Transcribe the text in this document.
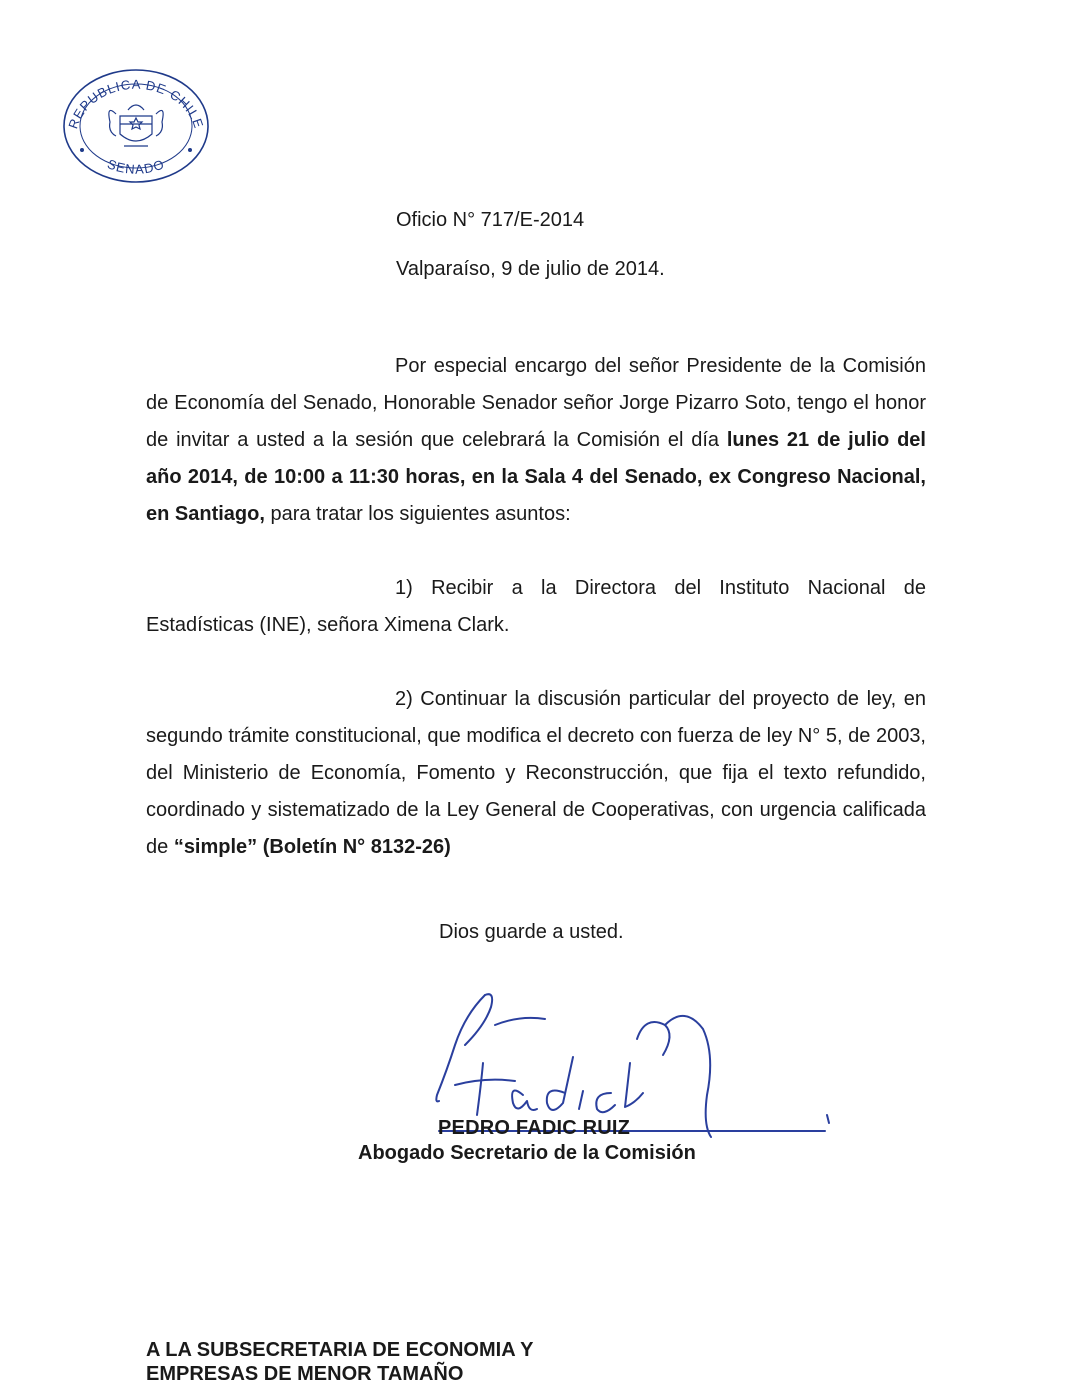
REPUBLICA DE CHILE
SENADO
Oficio N° 717/E-2014
Valparaíso, 9 de julio de 2014.
Por especial encargo del señor Presidente de la Comisión de Economía del Senado, Honorable Senador señor Jorge Pizarro Soto, tengo el honor de invitar a usted a la sesión que celebrará la Comisión el día lunes 21 de julio del año 2014, de 10:00 a 11:30 horas, en la Sala 4 del Senado, ex Congreso Nacional, en Santiago, para tratar los siguientes asuntos:
1) Recibir a la Directora del Instituto Nacional de Estadísticas (INE), señora Ximena Clark.
2) Continuar la discusión particular del proyecto de ley, en segundo trámite constitucional, que modifica el decreto con fuerza de ley N° 5, de 2003, del Ministerio de Economía, Fomento y Reconstrucción, que fija el texto refundido, coordinado y sistematizado de la Ley General de Cooperativas, con urgencia calificada de “simple” (Boletín N° 8132-26)
Dios guarde a usted.
PEDRO FADIC RUIZ
Abogado Secretario de la Comisión
A LA SUBSECRETARIA DE ECONOMIA Y
EMPRESAS DE MENOR TAMAÑO
